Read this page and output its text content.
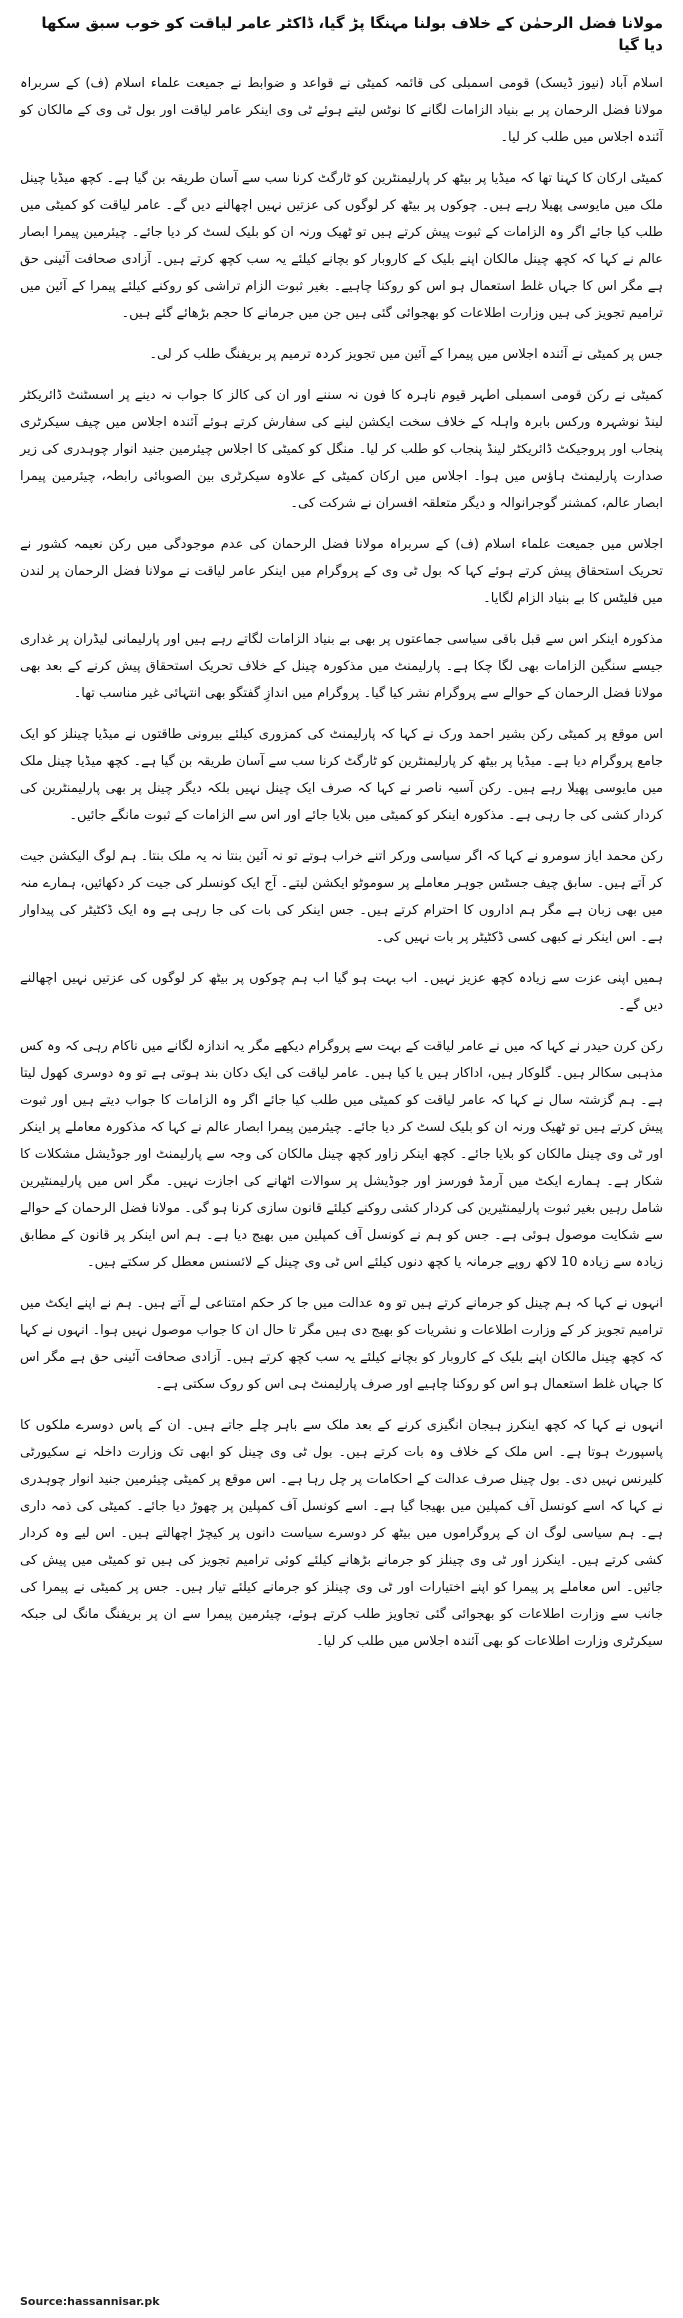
مولانا فضل الرحمٰن کے خلاف بولنا مہنگا پڑ گیا، ڈاکٹر عامر لیاقت کو خوب سبق سکھا دیا گیا

اسلام آباد (نیوز ڈیسک) قومی اسمبلی کی قائمہ کمیٹی نے قواعد و ضوابط نے جمیعت علماء اسلام (ف) کے سربراہ مولانا فضل الرحمان پر بے بنیاد الزامات لگانے کا نوٹس لیتے ہوئے ٹی وی اینکر عامر لیاقت اور بول ٹی وی کے مالکان کو آئندہ اجلاس میں طلب کر لیا۔

کمیٹی ارکان کا کہنا تھا کہ میڈیا پر بیٹھ کر پارلیمنٹرین کو ٹارگٹ کرنا سب سے آسان طریقہ بن گیا ہے۔ کچھ میڈیا چینل ملک میں مایوسی پھیلا رہے ہیں۔ چوکوں پر بیٹھ کر لوگوں کی عزتیں نہیں اچھالنے دیں گے۔ عامر لیاقت کو کمیٹی میں طلب کیا جائے اگر وہ الزامات کے ثبوت پیش کرتے ہیں تو ٹھیک ورنہ ان کو بلیک لسٹ کر دیا جائے۔ چیئرمین پیمرا ابصار عالم نے کہا کہ کچھ چینل مالکان اپنے بلیک کے کاروبار کو بچانے کیلئے یہ سب کچھ کرتے ہیں۔ آزادی صحافت آئینی حق ہے مگر اس کا جہاں غلط استعمال ہو اس کو روکنا چاہیے۔ بغیر ثبوت الزام تراشی کو روکنے کیلئے پیمرا کے آئین میں ترامیم تجویز کی ہیں وزارت اطلاعات کو بھجوائی گئی ہیں جن میں جرمانے کا حجم بڑھائے گئے ہیں۔

جس پر کمیٹی نے آئندہ اجلاس میں پیمرا کے آئین میں تجویز کردہ ترمیم پر بریفنگ طلب کر لی۔

کمیٹی نے رکن قومی اسمبلی اطہر قیوم ناہرہ کا فون نہ سننے اور ان کی کالز کا جواب نہ دینے پر اسسٹنٹ ڈائریکٹر لینڈ نوشہرہ ورکس بابرہ واہلہ کے خلاف سخت ایکشن لینے کی سفارش کرتے ہوئے آئندہ اجلاس میں چیف سیکرٹری پنجاب اور پروجیکٹ ڈائریکٹر لینڈ پنجاب کو طلب کر لیا۔ منگل کو کمیٹی کا اجلاس چیئرمین جنید انوار چوہدری کی زیر صدارت پارلیمنٹ ہاؤس میں ہوا۔ اجلاس میں ارکان کمیٹی کے علاوہ سیکرٹری بین الصوبائی رابطہ، چیئرمین پیمرا ابصار عالم، کمشنر گوجرانوالہ و دیگر متعلقہ افسران نے شرکت کی۔

اجلاس میں جمیعت علماء اسلام (ف) کے سربراہ مولانا فضل الرحمان کی عدم موجودگی میں رکن نعیمہ کشور نے تحریک استحقاق پیش کرتے ہوئے کہا کہ بول ٹی وی کے پروگرام میں اینکر عامر لیاقت نے مولانا فضل الرحمان پر لندن میں فلیٹس کا بے بنیاد الزام لگایا۔

مذکورہ اینکر اس سے قبل باقی سیاسی جماعتوں پر بھی بے بنیاد الزامات لگاتے رہے ہیں اور پارلیمانی لیڈران پر غداری جیسے سنگین الزامات بھی لگا چکا ہے۔ پارلیمنٹ میں مذکورہ چینل کے خلاف تحریک استحقاق پیش کرنے کے بعد بھی مولانا فضل الرحمان کے حوالے سے پروگرام نشر کیا گیا۔ پروگرام میں اندازِ گفتگو بھی انتہائی غیر مناسب تھا۔

اس موقع پر کمیٹی رکن بشیر احمد ورک نے کہا کہ پارلیمنٹ کی کمزوری کیلئے بیرونی طاقتوں نے میڈیا چینلز کو ایک جامع پروگرام دیا ہے۔ میڈیا پر بیٹھ کر پارلیمنٹرین کو ٹارگٹ کرنا سب سے آسان طریقہ بن گیا ہے۔ کچھ میڈیا چینل ملک میں مایوسی پھیلا رہے ہیں۔ رکن آسیہ ناصر نے کہا کہ صرف ایک چینل نہیں بلکہ دیگر چینل پر بھی پارلیمنٹرین کی کردار کشی کی جا رہی ہے۔ مذکورہ اینکر کو کمیٹی میں بلایا جائے اور اس سے الزامات کے ثبوت مانگے جائیں۔

رکن محمد ایاز سومرو نے کہا کہ اگر سیاسی ورکر اتنے خراب ہوتے تو نہ آئین بنتا نہ یہ ملک بنتا۔ ہم لوگ الیکشن جیت کر آتے ہیں۔ سابق چیف جسٹس جوہر معاملے پر سوموٹو ایکشن لیتے۔ آج ایک کونسلر کی جیت کر دکھائیں، ہمارے منہ میں بھی زبان ہے مگر ہم اداروں کا احترام کرتے ہیں۔ جس اینکر کی بات کی جا رہی ہے وہ ایک ڈکٹیٹر کی پیداوار ہے۔ اس اینکر نے کبھی کسی ڈکٹیٹر پر بات نہیں کی۔

ہمیں اپنی عزت سے زیادہ کچھ عزیز نہیں۔ اب بہت ہو گیا اب ہم چوکوں پر بیٹھ کر لوگوں کی عزتیں نہیں اچھالنے دیں گے۔

رکن کرن حیدر نے کہا کہ میں نے عامر لیاقت کے بہت سے پروگرام دیکھے مگر یہ اندازہ لگانے میں ناکام رہی کہ وہ کس مذہبی سکالر ہیں۔ گلوکار ہیں، اداکار ہیں یا کیا ہیں۔ عامر لیاقت کی ایک دکان بند ہوتی ہے تو وہ دوسری کھول لیتا ہے۔ ہم گزشتہ سال نے کہا کہ عامر لیاقت کو کمیٹی میں طلب کیا جائے اگر وہ الزامات کا جواب دیتے ہیں اور ثبوت پیش کرتے ہیں تو ٹھیک ورنہ ان کو بلیک لسٹ کر دیا جائے۔ چیئرمین پیمرا ابصار عالم نے کہا کہ مذکورہ معاملے پر اینکر اور ٹی وی چینل مالکان کو بلایا جائے۔ کچھ اینکر زاور کچھ چینل مالکان کی وجہ سے پارلیمنٹ اور جوڈیشل مشکلات کا شکار ہے۔ ہمارے ایکٹ میں آرمڈ فورسز اور جوڈیشل پر سوالات اٹھانے کی اجازت نہیں۔ مگر اس میں پارلیمنٹیرین شامل رہیں بغیر ثبوت پارلیمنٹیرین کی کردار کشی روکنے کیلئے قانون سازی کرنا ہو گی۔ مولانا فضل الرحمان کے حوالے سے شکایت موصول ہوئی ہے۔ جس کو ہم نے کونسل آف کمپلین میں بھیج دیا ہے۔ ہم اس اینکر پر قانون کے مطابق زیادہ سے زیادہ 10 لاکھ روپے جرمانہ یا کچھ دنوں کیلئے اس ٹی وی چینل کے لائسنس معطل کر سکتے ہیں۔

انہوں نے کہا کہ ہم چینل کو جرمانے کرتے ہیں تو وہ عدالت میں جا کر حکم امتناعی لے آتے ہیں۔ ہم نے اپنے ایکٹ میں ترامیم تجویز کر کے وزارت اطلاعات و نشریات کو بھیج دی ہیں مگر تا حال ان کا جواب موصول نہیں ہوا۔ انہوں نے کہا کہ کچھ چینل مالکان اپنے بلیک کے کاروبار کو بچانے کیلئے یہ سب کچھ کرتے ہیں۔ آزادی صحافت آئینی حق ہے مگر اس کا جہاں غلط استعمال ہو اس کو روکنا چاہیے اور صرف پارلیمنٹ ہی اس کو روک سکتی ہے۔

انہوں نے کہا کہ کچھ اینکرز ہیجان انگیزی کرنے کے بعد ملک سے باہر چلے جاتے ہیں۔ ان کے پاس دوسرے ملکوں کا پاسپورٹ ہوتا ہے۔ اس ملک کے خلاف وہ بات کرتے ہیں۔ بول ٹی وی چینل کو ابھی تک وزارت داخلہ نے سکیورٹی کلیرنس نہیں دی۔ بول چینل صرف عدالت کے احکامات پر چل رہا ہے۔ اس موقع پر کمیٹی چیئرمین جنید انوار چوہدری نے کہا کہ اسے کونسل آف کمپلین میں بھیجا گیا ہے۔ اسے کونسل آف کمپلین پر چھوڑ دیا جائے۔ کمیٹی کی ذمہ داری ہے۔ ہم سیاسی لوگ ان کے پروگراموں میں بیٹھ کر دوسرے سیاست دانوں پر کیچڑ اچھالتے ہیں۔ اس لیے وہ کردار کشی کرتے ہیں۔ اینکرز اور ٹی وی چینلز کو جرمانے بڑھانے کیلئے کوئی ترامیم تجویز کی ہیں تو کمیٹی میں پیش کی جائیں۔ اس معاملے پر پیمرا کو اپنے اختیارات اور ٹی وی چینلز کو جرمانے کیلئے تیار ہیں۔ جس پر کمیٹی نے پیمرا کی جانب سے وزارت اطلاعات کو بھجوائی گئی تجاویز طلب کرتے ہوئے، چیئرمین پیمرا سے ان پر بریفنگ مانگ لی جبکہ سیکرٹری وزارت اطلاعات کو بھی آئندہ اجلاس میں طلب کر لیا۔

Source:hassannisar.pk
